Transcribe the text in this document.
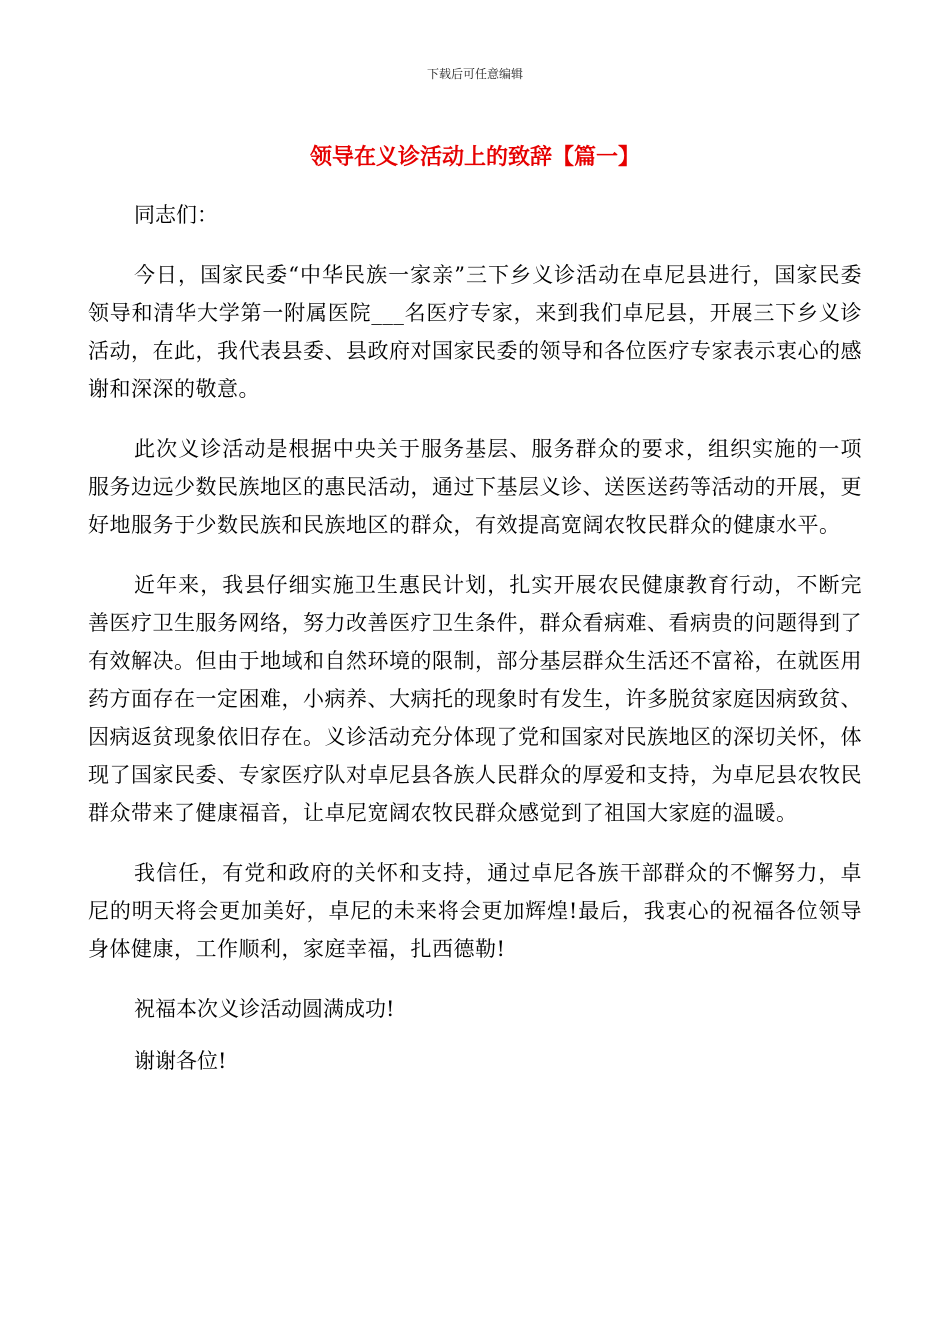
下载后可任意编辑
领导在义诊活动上的致辞【篇一】

同志们：

今日，国家民委“中华民族一家亲”三下乡义诊活动在卓尼县进行，国家民委领导和清华大学第一附属医院___名医疗专家，来到我们卓尼县，开展三下乡义诊活动，在此，我代表县委、县政府对国家民委的领导和各位医疗专家表示衷心的感谢和深深的敬意。

此次义诊活动是根据中央关于服务基层、服务群众的要求，组织实施的一项服务边远少数民族地区的惠民活动，通过下基层义诊、送医送药等活动的开展，更好地服务于少数民族和民族地区的群众，有效提高宽阔农牧民群众的健康水平。

近年来，我县仔细实施卫生惠民计划，扎实开展农民健康教育行动，不断完善医疗卫生服务网络，努力改善医疗卫生条件，群众看病难、看病贵的问题得到了有效解决。但由于地域和自然环境的限制，部分基层群众生活还不富裕，在就医用药方面存在一定困难，小病养、大病托的现象时有发生，许多脱贫家庭因病致贫、因病返贫现象依旧存在。义诊活动充分体现了党和国家对民族地区的深切关怀，体现了国家民委、专家医疗队对卓尼县各族人民群众的厚爱和支持，为卓尼县农牧民群众带来了健康福音，让卓尼宽阔农牧民群众感觉到了祖国大家庭的温暖。

我信任，有党和政府的关怀和支持，通过卓尼各族干部群众的不懈努力，卓尼的明天将会更加美好，卓尼的未来将会更加辉煌!最后，我衷心的祝福各位领导身体健康，工作顺利，家庭幸福，扎西德勒!

祝福本次义诊活动圆满成功!

谢谢各位!
